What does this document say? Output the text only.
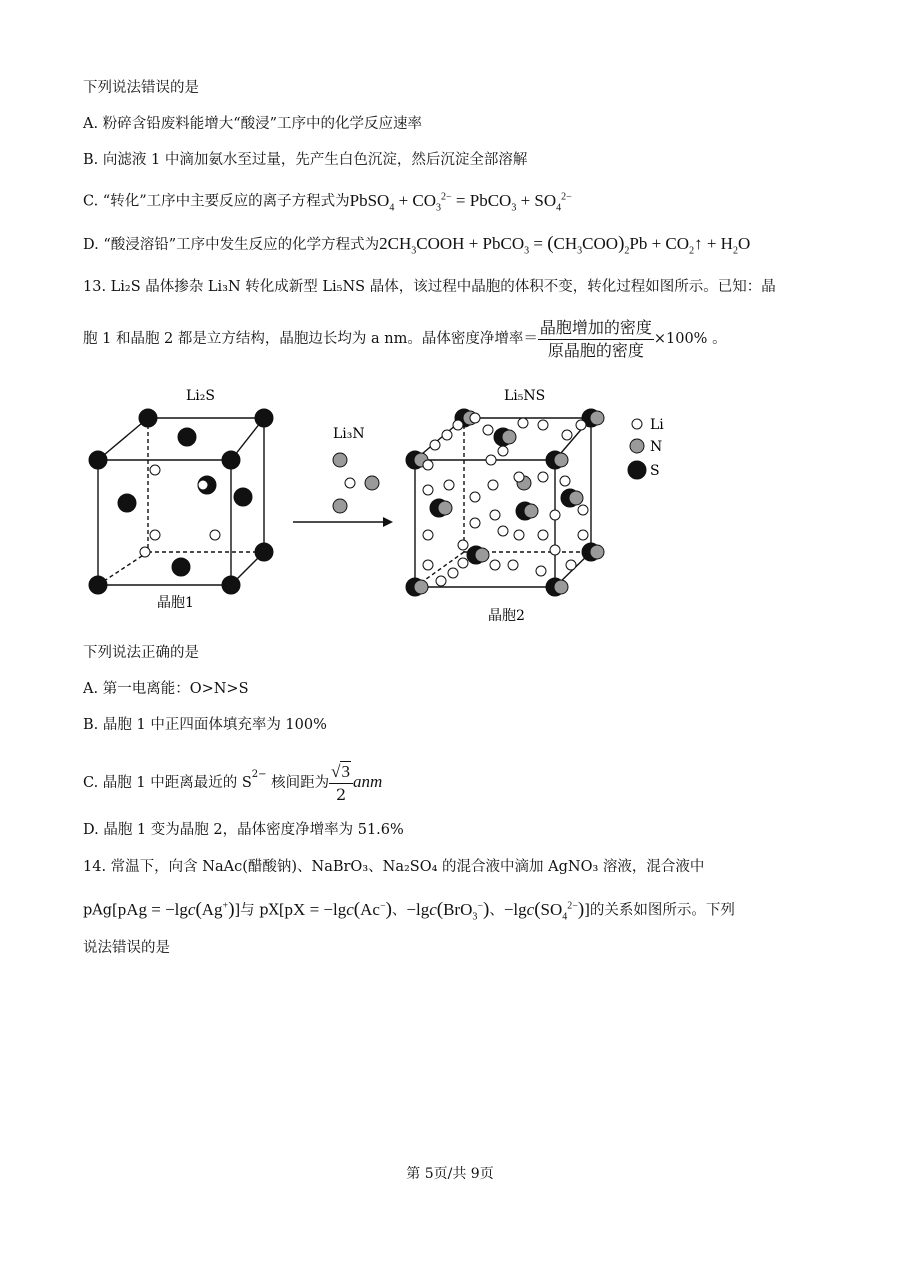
下列说法错误的是
A. 粉碎含铅废料能增大“酸浸”工序中的化学反应速率
B. 向滤液 1 中滴加氨水至过量，先产生白色沉淀，然后沉淀全部溶解
C. “转化”工序中主要反应的离子方程式为PbSO$_4$ + $CO_3^{2-}$ = PbCO$_3$ + $SO_4^{2-}$
D. “酸浸溶铅”工序中发生反应的化学方程式为$2CH_3COOH$ + PbCO$_3$ = $(CH_3COO)_2Pb$ + $CO_2↑ + H_2O$
13. Li₂S 晶体掺杂 Li₃N 转化成新型 Li₅NS 晶体，该过程中晶胞的体积不变，转化过程如图所示。已知：晶
胞 1 和晶胞 2 都是立方结构，晶胞边长均为 a nm。晶体密度净增率＝ $\frac{\text{晶胞增加的密度}}{\text{原晶胞的密度}} \times 100\%$ 。
Li₂S
晶胞1
Li₃N
Li₅NS
晶胞2
Li
N
S
下列说法正确的是
A. 第一电离能：O>N>S
B. 晶胞 1 中正四面体填充率为 100%
C. 晶胞 1 中距离最近的 $S^{2-}$ 核间距为 $\frac{√3}{2}$ anm
D. 晶胞 1 变为晶胞 2，晶体密度净增率为 51.6%
14. 常温下，向含 NaAc(醋酸钠)、NaBrO₃、Na₂SO₄ 的混合液中滴加 AgNO₃ 溶液，混合液中
pAg[pAg = −lgc(Ag+)]与 pX[pX = −lgc(Ac−)、−lgc(BrO$_3$−)、$-\lg c(SO_4^{2-})$]的关系如图所示。下列
说法错误的是
第 5页/共 9页
